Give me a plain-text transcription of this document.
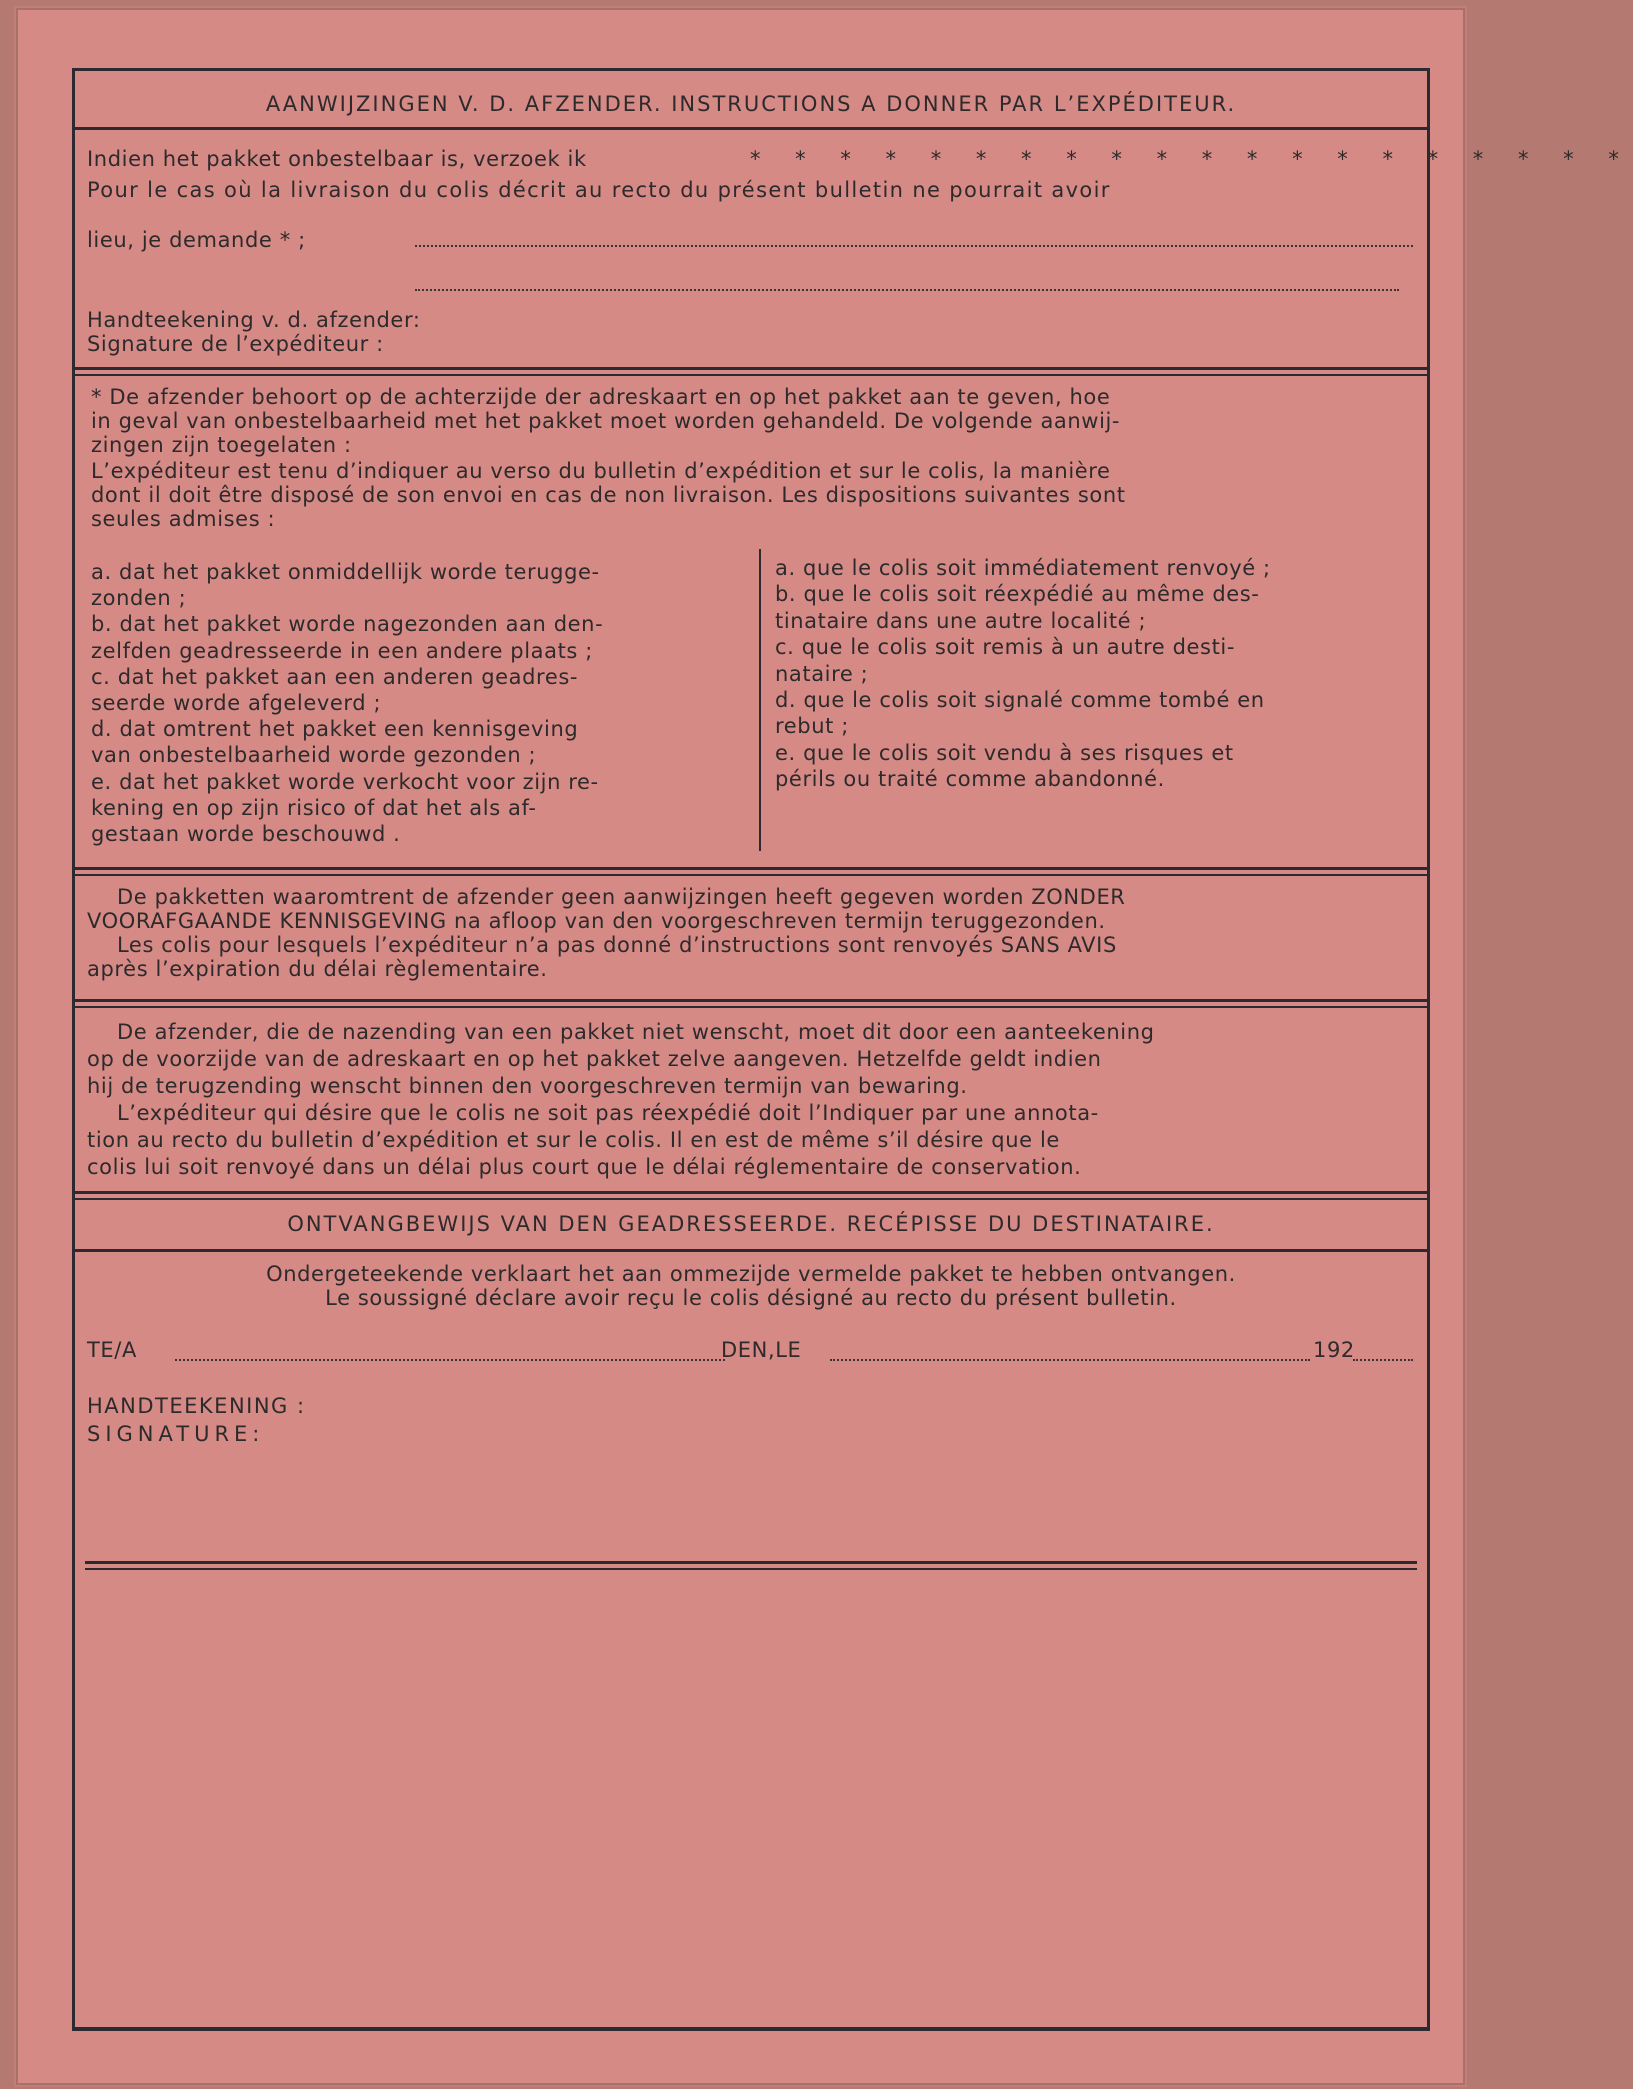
AANWIJZINGEN V. D. AFZENDER. INSTRUCTIONS A DONNER PAR L’EXPÉDITEUR.
Indien het pakket onbestelbaar is, verzoek ik	* * * * * * * * * * * * * * * * * * * *
Pour le cas où la livraison du colis décrit au recto du présent bulletin ne pourrait avoir
lieu, je demande * ;
Handteekening v. d. afzender:
Signature de l’expéditeur :

* De afzender behoort op de achterzijde der adreskaart en op het pakket aan te geven, hoe

in geval van onbestelbaarheid met het pakket moet worden gehandeld. De volgende aanwij-

zingen zijn toegelaten :

L’expéditeur est tenu d’indiquer au verso du bulletin d’expédition et sur le colis, la manière

dont il doit être disposé de son envoi en cas de non livraison. Les dispositions suivantes sont

seules admises :

a. dat het pakket onmiddellijk worde terugge-

zonden ;

b. dat het pakket worde nagezonden aan den-

zelfden geadresseerde in een andere plaats ;

c. dat het pakket aan een anderen geadres-

seerde worde afgeleverd ;

d. dat omtrent het pakket een kennisgeving

van onbestelbaarheid worde gezonden ;

e. dat het pakket worde verkocht voor zijn re-

kening en op zijn risico of dat het als af-

gestaan worde beschouwd .

a. que le colis soit immédiatement renvoyé ;

b. que le colis soit réexpédié au même des-

tinataire dans une autre localité ;

c. que le colis soit remis à un autre desti-

nataire ;

d. que le colis soit signalé comme tombé en

rebut ;

e. que le colis soit vendu à ses risques et

périls ou traité comme abandonné.

De pakketten waaromtrent de afzender geen aanwijzingen heeft gegeven worden ZONDER

VOORAFGAANDE KENNISGEVING na afloop van den voorgeschreven termijn teruggezonden.

Les colis pour lesquels l’expéditeur n’a pas donné d’instructions sont renvoyés SANS AVIS

après l’expiration du délai règlementaire.

De afzender, die de nazending van een pakket niet wenscht, moet dit door een aanteekening

op de voorzijde van de adreskaart en op het pakket zelve aangeven. Hetzelfde geldt indien

hij de terugzending wenscht binnen den voorgeschreven termijn van bewaring.

L’expéditeur qui désire que le colis ne soit pas réexpédié doit l’Indiquer par une annota-

tion au recto du bulletin d’expédition et sur le colis. Il en est de même s’il désire que le

colis lui soit renvoyé dans un délai plus court que le délai réglementaire de conservation.

ONTVANGBEWIJS VAN DEN GEADRESSEERDE. RECÉPISSE DU DESTINATAIRE.
Ondergeteekende verklaart het aan ommezijde vermelde pakket te hebben ontvangen.
Le soussigné déclare avoir reçu le colis désigné au recto du présent bulletin.
TE/A	DEN,LE	192
HANDTEEKENING :
SIGNATURE:
